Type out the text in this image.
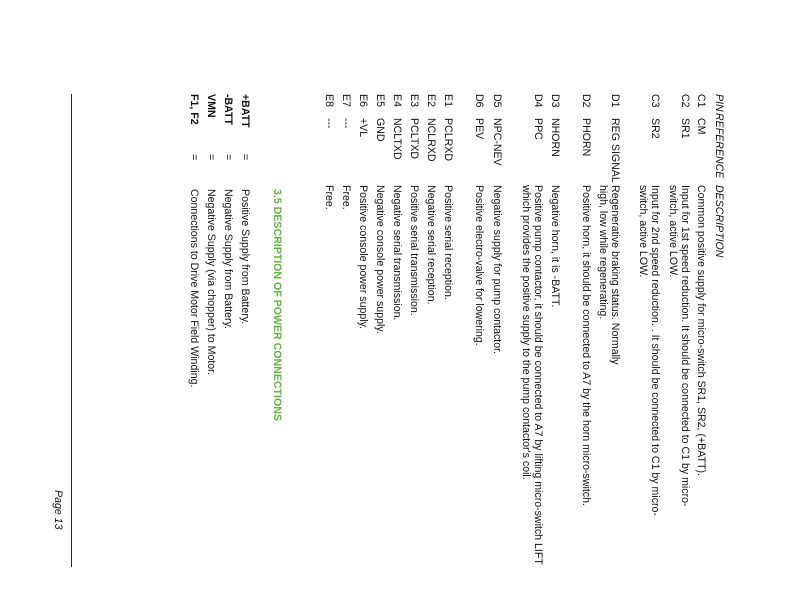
PIN
REFERENCE
DESCRIPTION
C1
CM
Common positive supply for micro-switch SR1, SR2, (+BATT).
C2
SR1
Input for 1st speed reduction. It should be connected to C1 by micro-switch, active LOW.
C3
SR2
Input for 2nd speed reduction. . It should be connected to C1 by micro-switch, active LOW.
D1
REG SIGNAL
Regenerative braking status. Normally high, low while regenerating.
D2
PHORN
Positive horn, it should be connected to A7 by the horn micro-switch.
D3
NHORN
Negative horn, it is -BATT.
D4
PPC
Positive pump contactor, it should be connected to A7 by lifting micro-switch LIFT which provides the positive supply to the pump contactor's coil.
D5
NPC-NEV
Negative supply for pump contactor.
D6
PEV
Positive electro-valve for lowering.
E1
PCLRXD
Positive serial reception.
E2
NCLRXD
Negative serial reception.
E3
PCLTXD
Positive serial transmission.
E4
NCLTXD
Negative serial transmission.
E5
GND
Negative console power supply.
E6
+VL
Positive console power supply.
E7
---
Free.
E8
---
Free.
3.5 DESCRIPTION OF POWER CONNECTIONS
+BATT
=
Positive Supply from Battery.
-BATT
=
Negative Supply from Battery.
VMN
=
Negative Supply (via chopper) to Motor.
F1, F2
=
Connections to Drive Motor Field Winding.
Page 13
